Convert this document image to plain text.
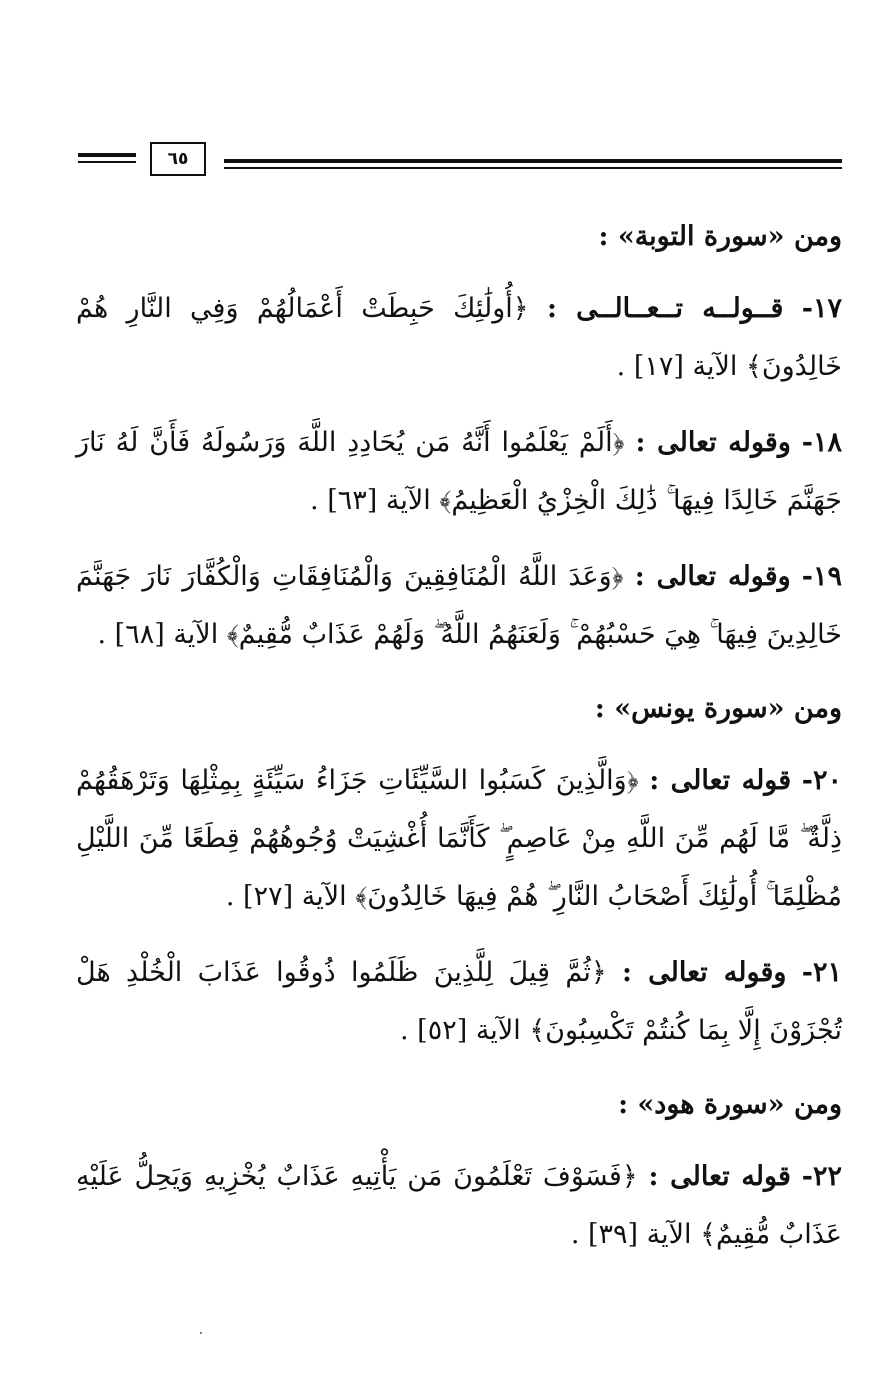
٦٥

ومن «سورة التوبة» :

١٧- قــولــه تــعــالــى : ﴿أُولَٰئِكَ حَبِطَتْ أَعْمَالُهُمْ وَفِي النَّارِ هُمْ خَالِدُونَ﴾ الآية [١٧] .

١٨- وقوله تعالى : ﴿أَلَمْ يَعْلَمُوا أَنَّهُ مَن يُحَادِدِ اللَّهَ وَرَسُولَهُ فَأَنَّ لَهُ نَارَ جَهَنَّمَ خَالِدًا فِيهَا ۚ ذَٰلِكَ الْخِزْيُ الْعَظِيمُ﴾ الآية [٦٣] .

١٩- وقوله تعالى : ﴿وَعَدَ اللَّهُ الْمُنَافِقِينَ وَالْمُنَافِقَاتِ وَالْكُفَّارَ نَارَ جَهَنَّمَ خَالِدِينَ فِيهَا ۚ هِيَ حَسْبُهُمْ ۚ وَلَعَنَهُمُ اللَّهُ ۖ وَلَهُمْ عَذَابٌ مُّقِيمٌ﴾ الآية [٦٨] .

ومن «سورة يونس» :

٢٠- قوله تعالى : ﴿وَالَّذِينَ كَسَبُوا السَّيِّئَاتِ جَزَاءُ سَيِّئَةٍ بِمِثْلِهَا وَتَرْهَقُهُمْ ذِلَّةٌ ۖ مَّا لَهُم مِّنَ اللَّهِ مِنْ عَاصِمٍ ۖ كَأَنَّمَا أُغْشِيَتْ وُجُوهُهُمْ قِطَعًا مِّنَ اللَّيْلِ مُظْلِمًا ۚ أُولَٰئِكَ أَصْحَابُ النَّارِ ۖ هُمْ فِيهَا خَالِدُونَ﴾ الآية [٢٧] .

٢١- وقوله تعالى : ﴿ثُمَّ قِيلَ لِلَّذِينَ ظَلَمُوا ذُوقُوا عَذَابَ الْخُلْدِ هَلْ تُجْزَوْنَ إِلَّا بِمَا كُنتُمْ تَكْسِبُونَ﴾ الآية [٥٢] .

ومن «سورة هود» :

٢٢- قوله تعالى : ﴿فَسَوْفَ تَعْلَمُونَ مَن يَأْتِيهِ عَذَابٌ يُخْزِيهِ وَيَحِلُّ عَلَيْهِ عَذَابٌ مُّقِيمٌ﴾ الآية [٣٩] .
